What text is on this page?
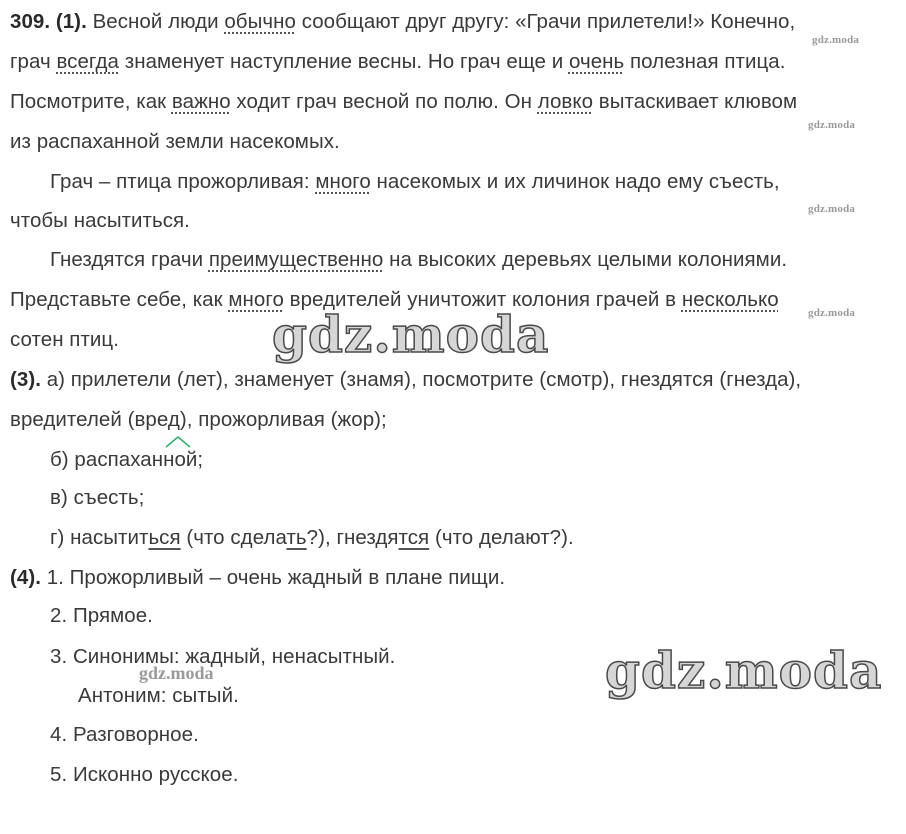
309. (1). Весной люди обычно сообщают друг другу: «Грачи прилетели!» Конечно,
грач всегда знаменует наступление весны. Но грач еще и очень полезная птица.
Посмотрите, как важно ходит грач весной по полю. Он ловко вытаскивает клювом
из распаханной земли насекомых.
Грач – птица прожорливая: много насекомых и их личинок надо ему съесть,
чтобы насытиться.
Гнездятся грачи преимущественно на высоких деревьях целыми колониями.
Представьте себе, как много вредителей уничтожит колония грачей в несколько
сотен птиц.
(3). а) прилетели (лет), знаменует (знамя), посмотрите (смотр), гнездятся (гнезда),
вредителей (вред), прожорливая (жор);
б) распаханной;
в) съесть;
г) насытиться (что сделать?), гнездятся (что делают?).
(4). 1. Прожорливый – очень жадный в плане пищи.
2. Прямое.
3. Синонимы: жадный, ненасытный.
Антоним: сытый.
4. Разговорное.
5. Исконно русское.
gdz.moda
gdz.moda
gdz.moda
gdz.moda
gdz.moda
gdz.moda
gdz.moda
